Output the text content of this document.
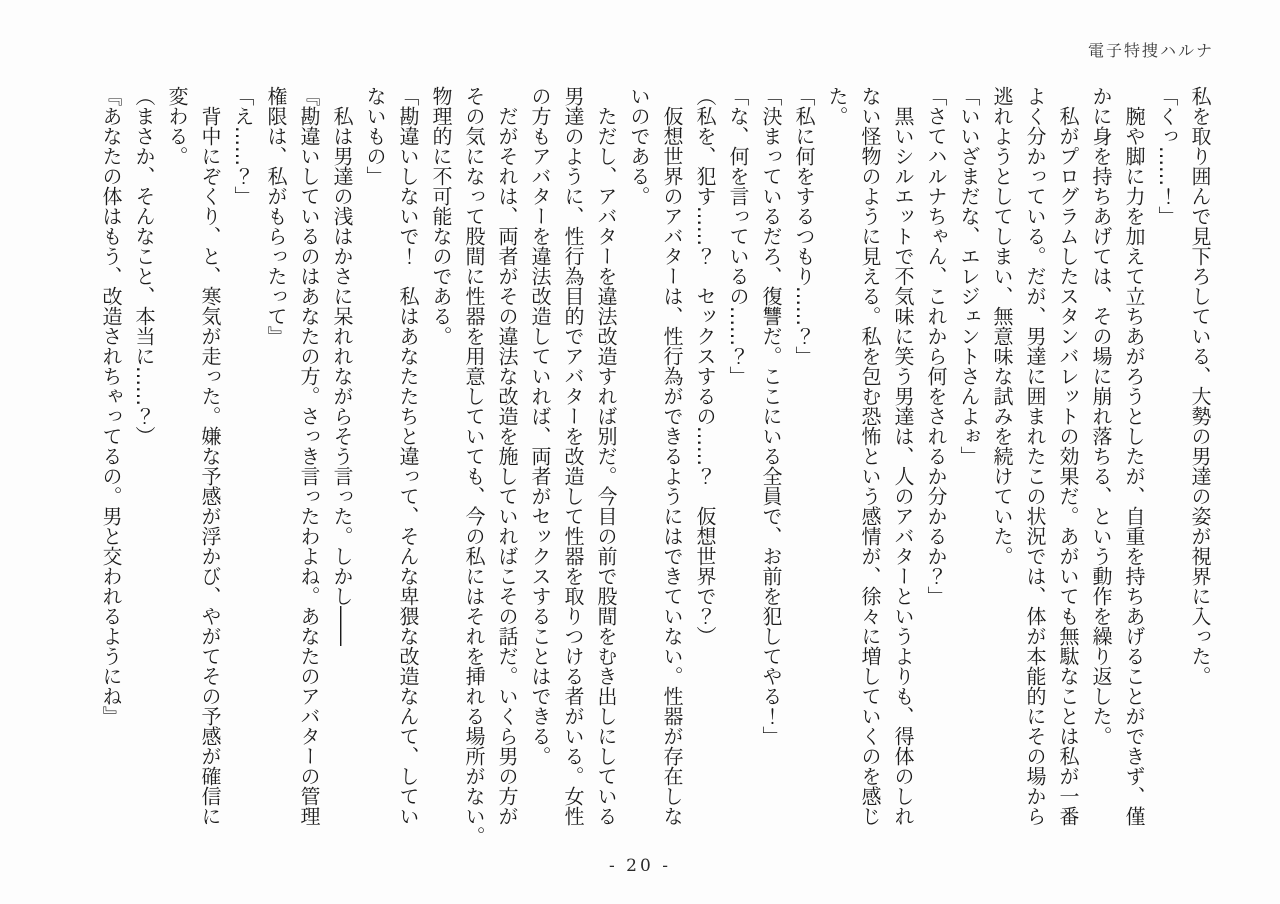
電子特捜ハルナ
私を取り囲んで見下ろしている、大勢の男達の姿が視界に入った。
「くっ……！」
　腕や脚に力を加えて立ちあがろうとしたが、自重を持ちあげることができず、僅
かに身を持ちあげては、その場に崩れ落ちる、という動作を繰り返した。
　私がプログラムしたスタンバレットの効果だ。あがいても無駄なことは私が一番
よく分かっている。だが、男達に囲まれたこの状況では、体が本能的にその場から
逃れようとしてしまい、無意味な試みを続けていた。
「いいざまだな、エレジェントさんよぉ」
「さてハルナちゃん、これから何をされるか分かるか？」
　黒いシルエットで不気味に笑う男達は、人のアバターというよりも、得体のしれ
ない怪物のように見える。私を包む恐怖という感情が、徐々に増していくのを感じ
た。
「私に何をするつもり……？」
「決まっているだろ、復讐だ。ここにいる全員で、お前を犯してやる！」
「な、何を言っているの……？」
（私を、犯す……？　セックスするの……？　仮想世界で？）
　仮想世界のアバターは、性行為ができるようにはできていない。性器が存在しな
いのである。
　ただし、アバターを違法改造すれば別だ。今目の前で股間をむき出しにしている
男達のように、性行為目的でアバターを改造して性器を取りつける者がいる。女性
の方もアバターを違法改造していれば、両者がセックスすることはできる。
　だがそれは、両者がその違法な改造を施していればこその話だ。いくら男の方が
その気になって股間に性器を用意していても、今の私にはそれを挿れる場所がない。
物理的に不可能なのである。
「勘違いしないで！　私はあなたたちと違って、そんな卑猥な改造なんて、してい
ないもの」
　私は男達の浅はかさに呆れれながらそう言った。しかし――
『勘違いしているのはあなたの方。さっき言ったわよね。あなたのアバターの管理
権限は、私がもらったって』
「え……？」
　背中にぞくり、と、寒気が走った。嫌な予感が浮かび、やがてその予感が確信に
変わる。
（まさか、そんなこと、本当に……？）
『あなたの体はもう、改造されちゃってるの。男と交われるようにね』
- 20 -
